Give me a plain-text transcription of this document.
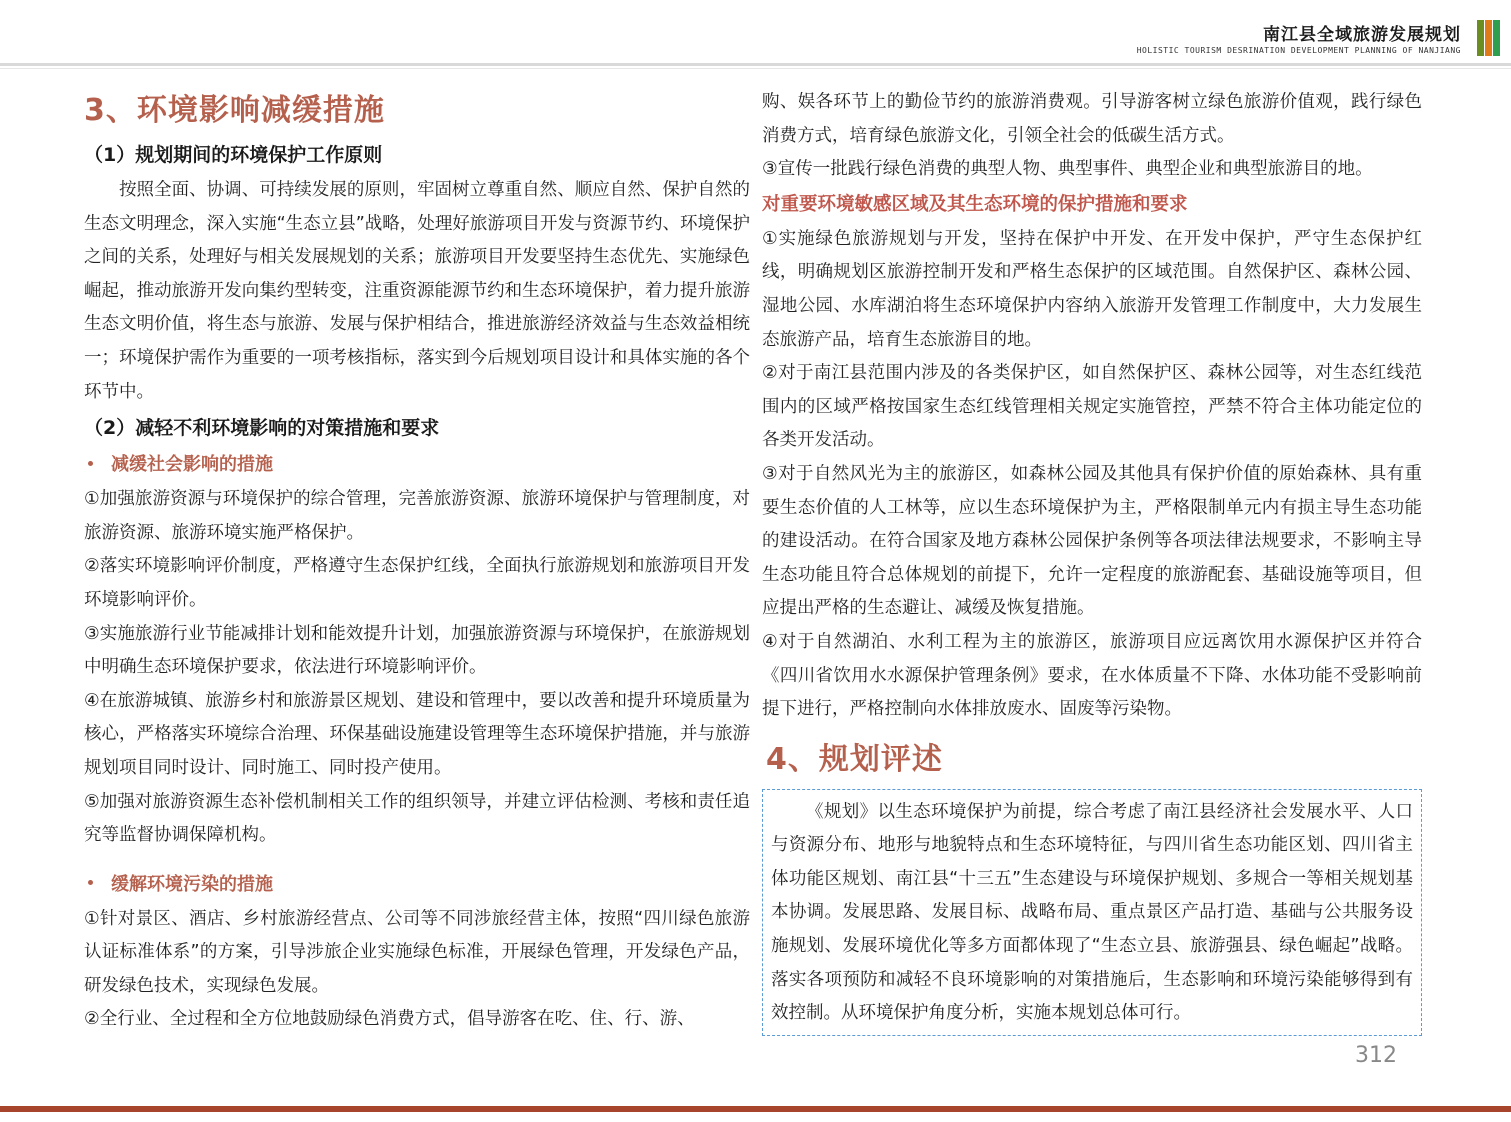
南江县全域旅游发展规划
HOLISTIC TOURISM DESRINATION DEVELOPMENT PLANNING OF NANJIANG
3、环境影响减缓措施
（1）规划期间的环境保护工作原则

按照全面、协调、可持续发展的原则，牢固树立尊重自然、顺应自然、保护自然的生态文明理念，深入实施“生态立县”战略，处理好旅游项目开发与资源节约、环境保护之间的关系，处理好与相关发展规划的关系；旅游项目开发要坚持生态优先、实施绿色崛起，推动旅游开发向集约型转变，注重资源能源节约和生态环境保护，着力提升旅游生态文明价值，将生态与旅游、发展与保护相结合，推进旅游经济效益与生态效益相统一；环境保护需作为重要的一项考核指标，落实到今后规划项目设计和具体实施的各个环节中。

（2）减轻不利环境影响的对策措施和要求
减缓社会影响的措施

①加强旅游资源与环境保护的综合管理，完善旅游资源、旅游环境保护与管理制度，对旅游资源、旅游环境实施严格保护。

②落实环境影响评价制度，严格遵守生态保护红线，全面执行旅游规划和旅游项目开发环境影响评价。

③实施旅游行业节能减排计划和能效提升计划，加强旅游资源与环境保护，在旅游规划中明确生态环境保护要求，依法进行环境影响评价。

④在旅游城镇、旅游乡村和旅游景区规划、建设和管理中，要以改善和提升环境质量为核心，严格落实环境综合治理、环保基础设施建设管理等生态环境保护措施，并与旅游规划项目同时设计、同时施工、同时投产使用。

⑤加强对旅游资源生态补偿机制相关工作的组织领导，并建立评估检测、考核和责任追究等监督协调保障机构。

缓解环境污染的措施

①针对景区、酒店、乡村旅游经营点、公司等不同涉旅经营主体，按照“四川绿色旅游认证标准体系”的方案，引导涉旅企业实施绿色标准，开展绿色管理，开发绿色产品，研发绿色技术，实现绿色发展。

②全行业、全过程和全方位地鼓励绿色消费方式，倡导游客在吃、住、行、游、

购、娱各环节上的勤俭节约的旅游消费观。引导游客树立绿色旅游价值观，践行绿色消费方式，培育绿色旅游文化，引领全社会的低碳生活方式。

③宣传一批践行绿色消费的典型人物、典型事件、典型企业和典型旅游目的地。

对重要环境敏感区域及其生态环境的保护措施和要求

①实施绿色旅游规划与开发，坚持在保护中开发、在开发中保护，严守生态保护红线，明确规划区旅游控制开发和严格生态保护的区域范围。自然保护区、森林公园、湿地公园、水库湖泊将生态环境保护内容纳入旅游开发管理工作制度中，大力发展生态旅游产品，培育生态旅游目的地。

②对于南江县范围内涉及的各类保护区，如自然保护区、森林公园等，对生态红线范围内的区域严格按国家生态红线管理相关规定实施管控，严禁不符合主体功能定位的各类开发活动。

③对于自然风光为主的旅游区，如森林公园及其他具有保护价值的原始森林、具有重要生态价值的人工林等，应以生态环境保护为主，严格限制单元内有损主导生态功能的建设活动。在符合国家及地方森林公园保护条例等各项法律法规要求，不影响主导生态功能且符合总体规划的前提下，允许一定程度的旅游配套、基础设施等项目，但应提出严格的生态避让、减缓及恢复措施。

④对于自然湖泊、水利工程为主的旅游区，旅游项目应远离饮用水源保护区并符合《四川省饮用水水源保护管理条例》要求，在水体质量不下降、水体功能不受影响前提下进行，严格控制向水体排放废水、固废等污染物。

4、规划评述

《规划》以生态环境保护为前提，综合考虑了南江县经济社会发展水平、人口与资源分布、地形与地貌特点和生态环境特征，与四川省生态功能区划、四川省主体功能区规划、南江县“十三五”生态建设与环境保护规划、多规合一等相关规划基本协调。发展思路、发展目标、战略布局、重点景区产品打造、基础与公共服务设施规划、发展环境优化等多方面都体现了“生态立县、旅游强县、绿色崛起”战略。落实各项预防和减轻不良环境影响的对策措施后，生态影响和环境污染能够得到有效控制。从环境保护角度分析，实施本规划总体可行。

312
